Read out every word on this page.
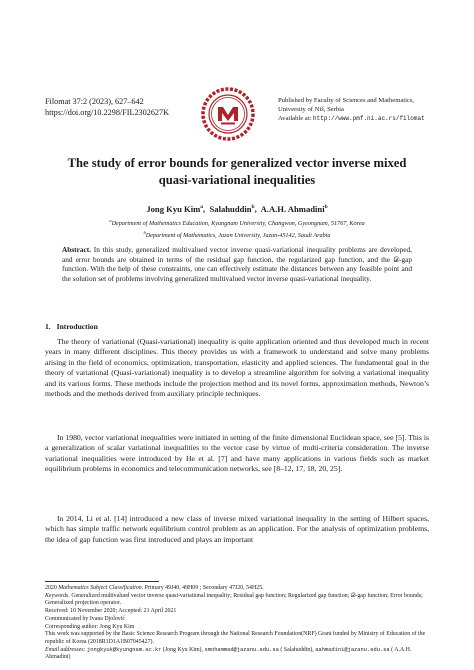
Filomat 37:2 (2023), 627–642
https://doi.org/10.2298/FIL2302627K
Published by Faculty of Sciences and Mathematics,
University of Niš, Serbia
Available at: http://www.pmf.ni.ac.rs/filomat
The study of error bounds for generalized vector inverse mixed
quasi-variational inequalities
Jong Kyu Kim$^a$,  Salahuddin$^b$,  A.A.H. Ahmadini$^b$
$^a$Department of Mathematics Education, Kyungnam University, Changwon, Gyeongnam, 51767, Korea
$^b$Department of Mathematics, Jazan University, Jazan-45142, Saudi Arabia
Abstract. In this study, generalized multivalued vector inverse quasi-variational inequality problems are developed, and error bounds are obtained in terms of the residual gap function, the regularized gap function, and the 𝒟-gap function. With the help of these constraints, one can effectively estimate the distances between any feasible point and the solution set of problems involving generalized multivalued vector inverse quasi-variational inequality.
1. Introduction

The theory of variational (Quasi-variational) inequality is quite application oriented and thus developed much in recent years in many different disciplines. This theory provides us with a framework to understand and solve many problems arising in the field of economics, optimization, transportation, elasticity and applied sciences. The fundamental goal in the theory of variational (Quasi-variational) inequality is to develop a streamline algorithm for solving a variational inequality and its various forms. These methods include the projection method and its novel forms, approximation methods, Newton’s methods and the methods derived from auxiliary principle techniques.

In 1980, vector variational inequalities were initiated in setting of the finite dimensional Euclidean space, see [5]. This is a generalization of scalar variational inequalities to the vector case by virtue of multi-criteria consideration. The inverse variational inequalities were introduced by He et al. [7] and have many applications in various fields such as market equilibrium problems in economics and telecommunication networks, see [8–12, 17, 18, 20, 25].

In 2014, Li et al. [14] introduced a new class of inverse mixed variational inequality in the setting of Hilbert spaces, which has simple traffic network equilibrium control problem as an application. For the analysis of optimization problems, the idea of gap function was first introduced and plays an important

2020 Mathematics Subject Classification. Primary 49J40, 49H09 ; Secondary 47J20, 54H25.
Keywords. Generalized multivalued vector inverse quasi-variational inequality; Residual gap function; Regularized gap function; 𝒟-gap function; Error bounds; Generalized projection operator.
Received: 10 November 2020; Accepted: 21 April 2021
Communicated by Ivana Djolović
Corresponding author: Jong Kyu Kim
This work was supported by the Basic Science Research Program through the National Research Foundation(NRF) Grant funded by Ministry of Education of the republic of Korea (2018R1D1A1B07045427).
Email addresses: jongkyuk@kyungnam.ac.kr (Jong Kyu Kim), smohammad@jazanu.edu.sa ( Salahuddin), aahmadini@jazanu.edu.sa ( A.A.H. Ahmadini)
